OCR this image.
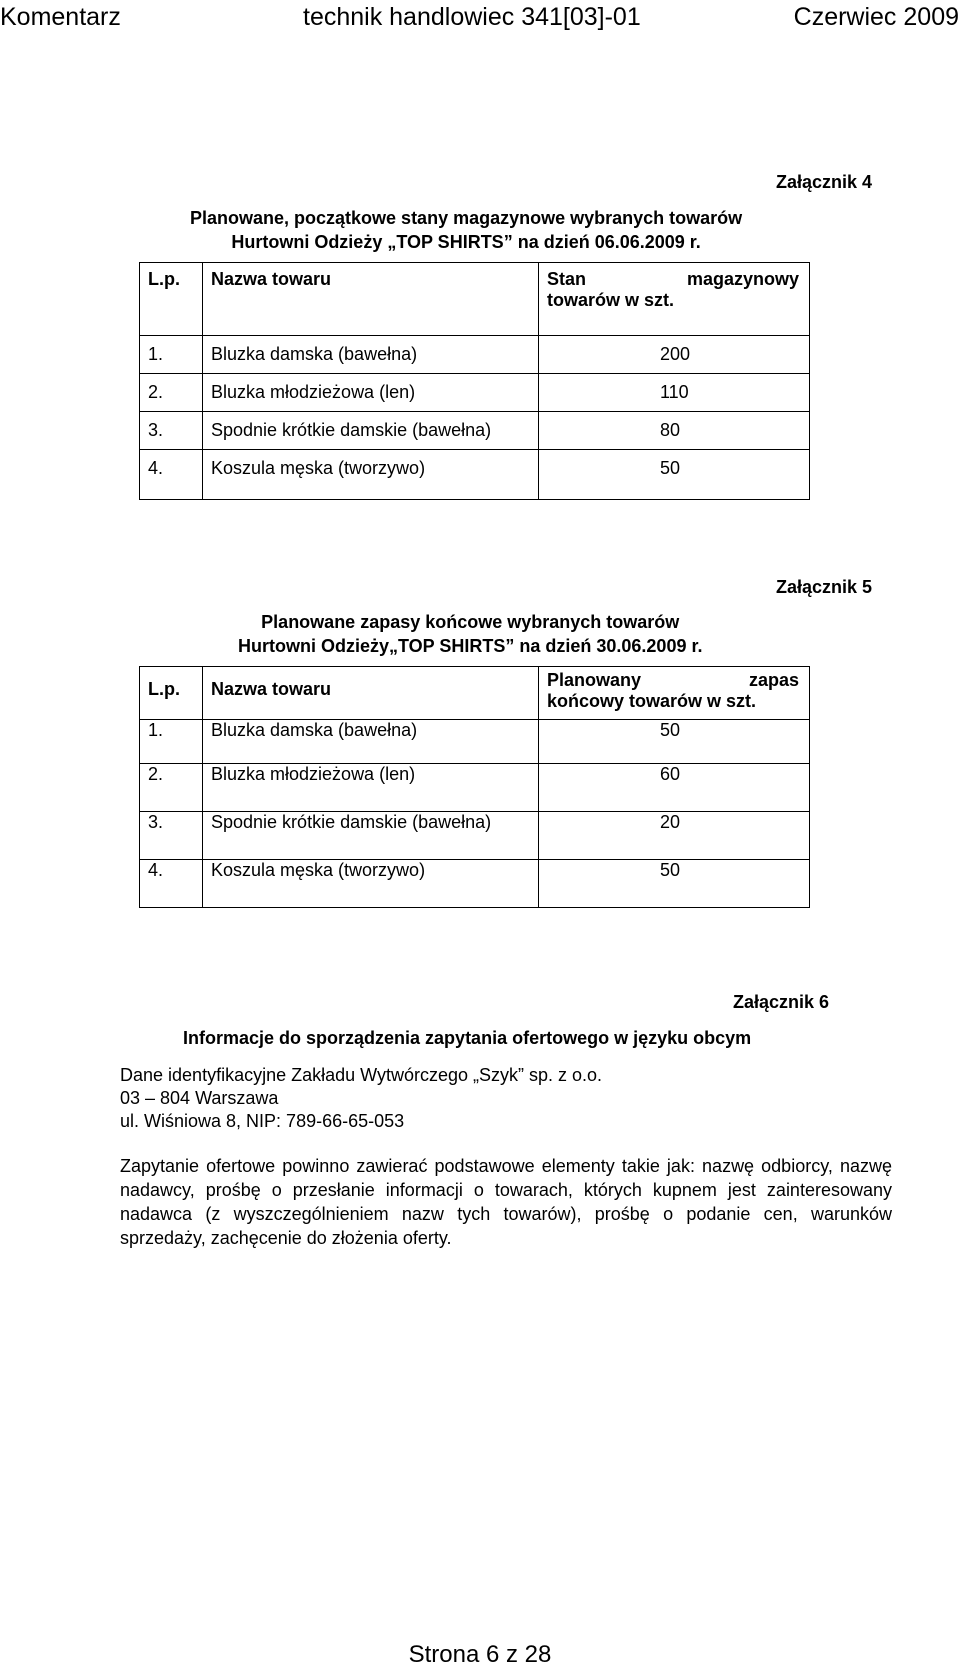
Komentarz	technik handlowiec 341[03]-01	Czerwiec 2009
Załącznik 4
Planowane, początkowe stany magazynowe wybranych towarów
Hurtowni Odzieży „TOP SHIRTS” na dzień 06.06.2009 r.
L.p.	Nazwa towaru	Stan magazynowy
towarów w szt.

1.	Bluzka damska (bawełna)	200
2.	Bluzka młodzieżowa (len)	110
3.	Spodnie krótkie damskie (bawełna)	80
4.	Koszula męska (tworzywo)	50
Załącznik 5
Planowane zapasy końcowe wybranych towarów
Hurtowni Odzieży„TOP SHIRTS” na dzień 30.06.2009 r.
L.p.	Nazwa towaru	Planowany zapas
końcowy towarów w szt.

1.	Bluzka damska (bawełna)	50
2.	Bluzka młodzieżowa (len)	60
3.	Spodnie krótkie damskie (bawełna)	20
4.	Koszula męska (tworzywo)	50
Załącznik 6
Informacje do sporządzenia zapytania ofertowego w języku obcym
Dane identyfikacyjne Zakładu Wytwórczego „Szyk” sp. z o.o.
03 – 804 Warszawa
ul. Wiśniowa 8, NIP: 789-66-65-053
Zapytanie ofertowe powinno zawierać podstawowe elementy takie jak: nazwę odbiorcy, nazwę nadawcy, prośbę o przesłanie informacji o towarach, których kupnem jest zainteresowany nadawca (z wyszczególnieniem nazw tych towarów), prośbę o podanie cen, warunków sprzedaży, zachęcenie do złożenia oferty.
Strona 6 z 28
